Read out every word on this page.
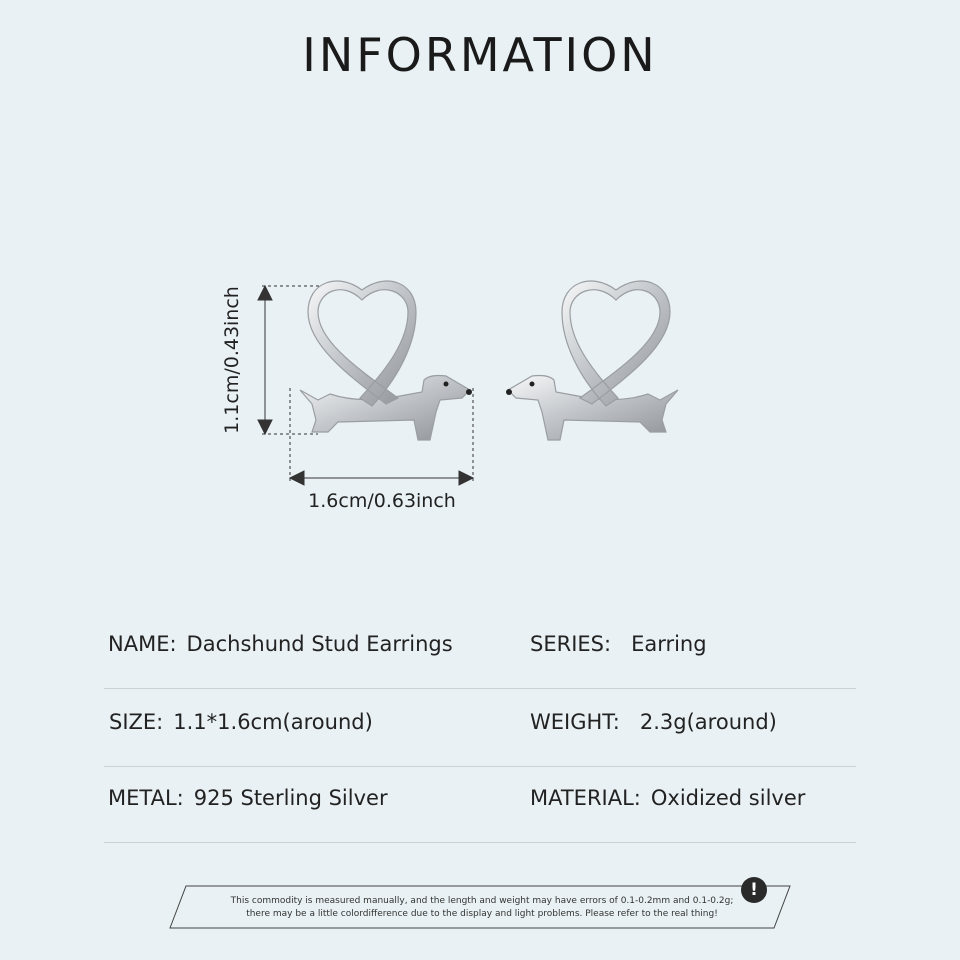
INFORMATION
1.1cm/0.43inch
1.6cm/0.63inch
NAME: Dachshund Stud Earrings	SERIES: Earring
SIZE: 1.1*1.6cm(around)	WEIGHT: 2.3g(around)
METAL: 925 Sterling Silver	MATERIAL: Oxidized silver
This commodity is measured manually, and the length and weight may have errors of 0.1-0.2mm and 0.1-0.2g;
there may be a little colordifference due to the display and light problems. Please refer to the real thing!
!
